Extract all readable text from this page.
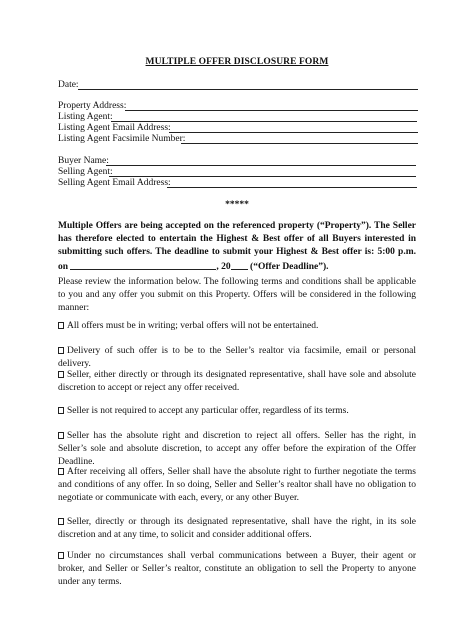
MULTIPLE OFFER DISCLOSURE FORM
Date:
Property Address:
Listing Agent:
Listing Agent Email Address:
Listing Agent Facsimile Number:
Buyer Name:
Selling Agent:
Selling Agent Email Address:
*****
Multiple Offers are being accepted on the referenced property (“Property”). The Seller has therefore elected to entertain the Highest & Best offer of all Buyers interested in submitting such offers. The deadline to submit your Highest & Best offer is: 5:00 p.m. on	, 20 (“Offer Deadline”).
Please review the information below. The following terms and conditions shall be applicable to you and any offer you submit on this Property. Offers will be considered in the following manner:
All offers must be in writing; verbal offers will not be entertained.
Delivery of such offer is to be to the Seller’s realtor via facsimile, email or personal delivery.
Seller, either directly or through its designated representative, shall have sole and absolute discretion to accept or reject any offer received.
Seller is not required to accept any particular offer, regardless of its terms.
Seller has the absolute right and discretion to reject all offers. Seller has the right, in Seller’s sole and absolute discretion, to accept any offer before the expiration of the Offer Deadline.
After receiving all offers, Seller shall have the absolute right to further negotiate the terms and conditions of any offer. In so doing, Seller and Seller’s realtor shall have no obligation to negotiate or communicate with each, every, or any other Buyer.
Seller, directly or through its designated representative, shall have the right, in its sole discretion and at any time, to solicit and consider additional offers.
Under no circumstances shall verbal communications between a Buyer, their agent or broker, and Seller or Seller’s realtor, constitute an obligation to sell the Property to anyone under any terms.
